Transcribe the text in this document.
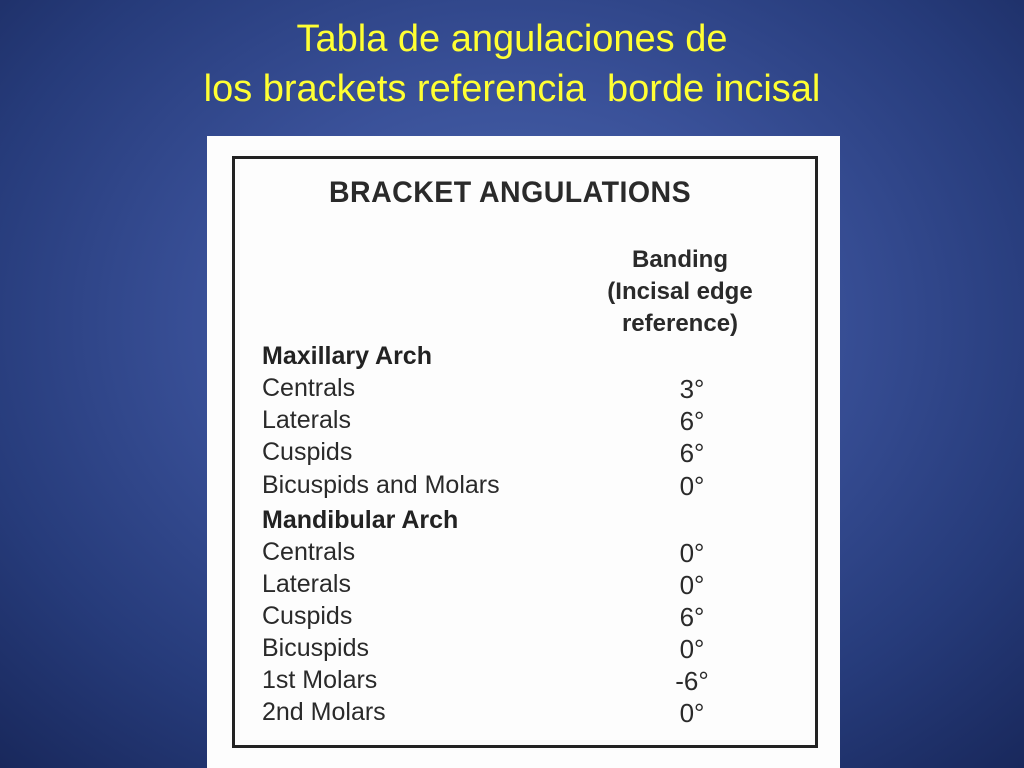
Tabla de angulaciones de
los brackets referencia  borde incisal
BRACKET ANGULATIONS
Banding
(Incisal edge
reference)
Maxillary Arch
Centrals	3°
Laterals	6°
Cuspids	6°
Bicuspids and Molars	0°
Mandibular Arch
Centrals	0°
Laterals	0°
Cuspids	6°
Bicuspids	0°
1st Molars	-6°
2nd Molars	0°
